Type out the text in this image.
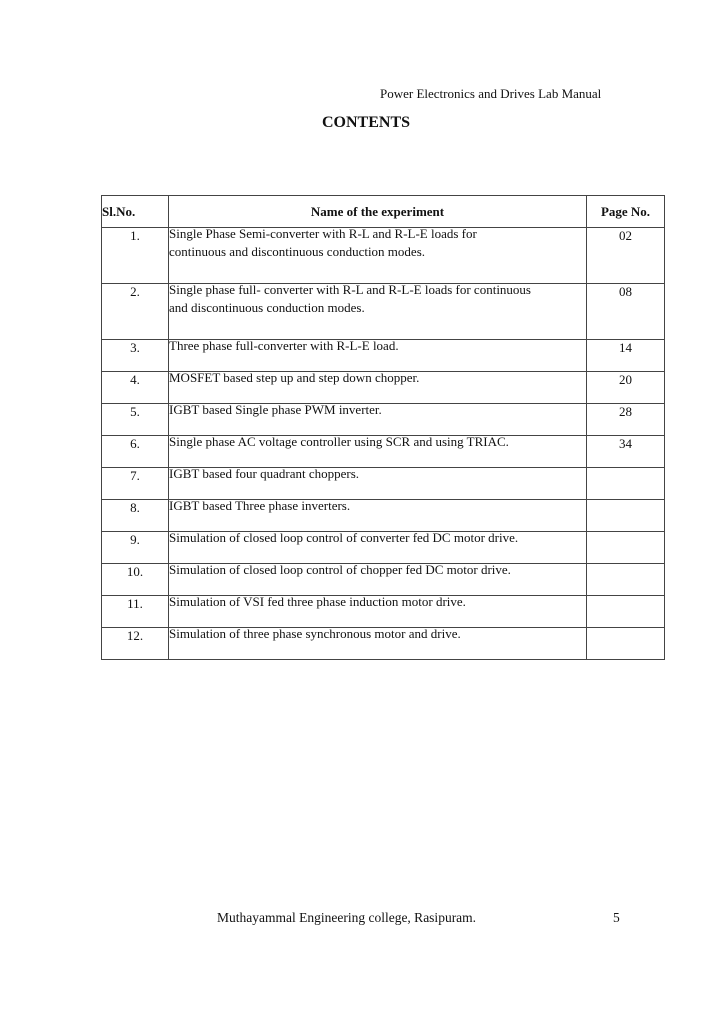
Power Electronics and Drives Lab Manual
CONTENTS
Sl.No.	Name of the experiment	Page No.
1.	Single Phase Semi-converter with R-L and R-L-E loads for
continuous and discontinuous conduction modes.	02
2.	Single phase full- converter with R-L and R-L-E loads for continuous
and discontinuous conduction modes.	08
3.	Three phase full-converter with R-L-E load.	14
4.	MOSFET based step up and step down chopper.	20
5.	IGBT based Single phase PWM inverter.	28
6.	Single phase AC voltage controller using SCR and using TRIAC.	34
7.	IGBT based four quadrant choppers.	

8.	IGBT based Three phase inverters.	

9.	Simulation of closed loop control of converter fed DC motor drive.	

10.	Simulation of closed loop control of chopper fed DC motor drive.	

11.	Simulation of VSI fed three phase induction motor drive.	

12.	Simulation of three phase synchronous motor and drive.	

Muthayammal Engineering college, Rasipuram.	5
